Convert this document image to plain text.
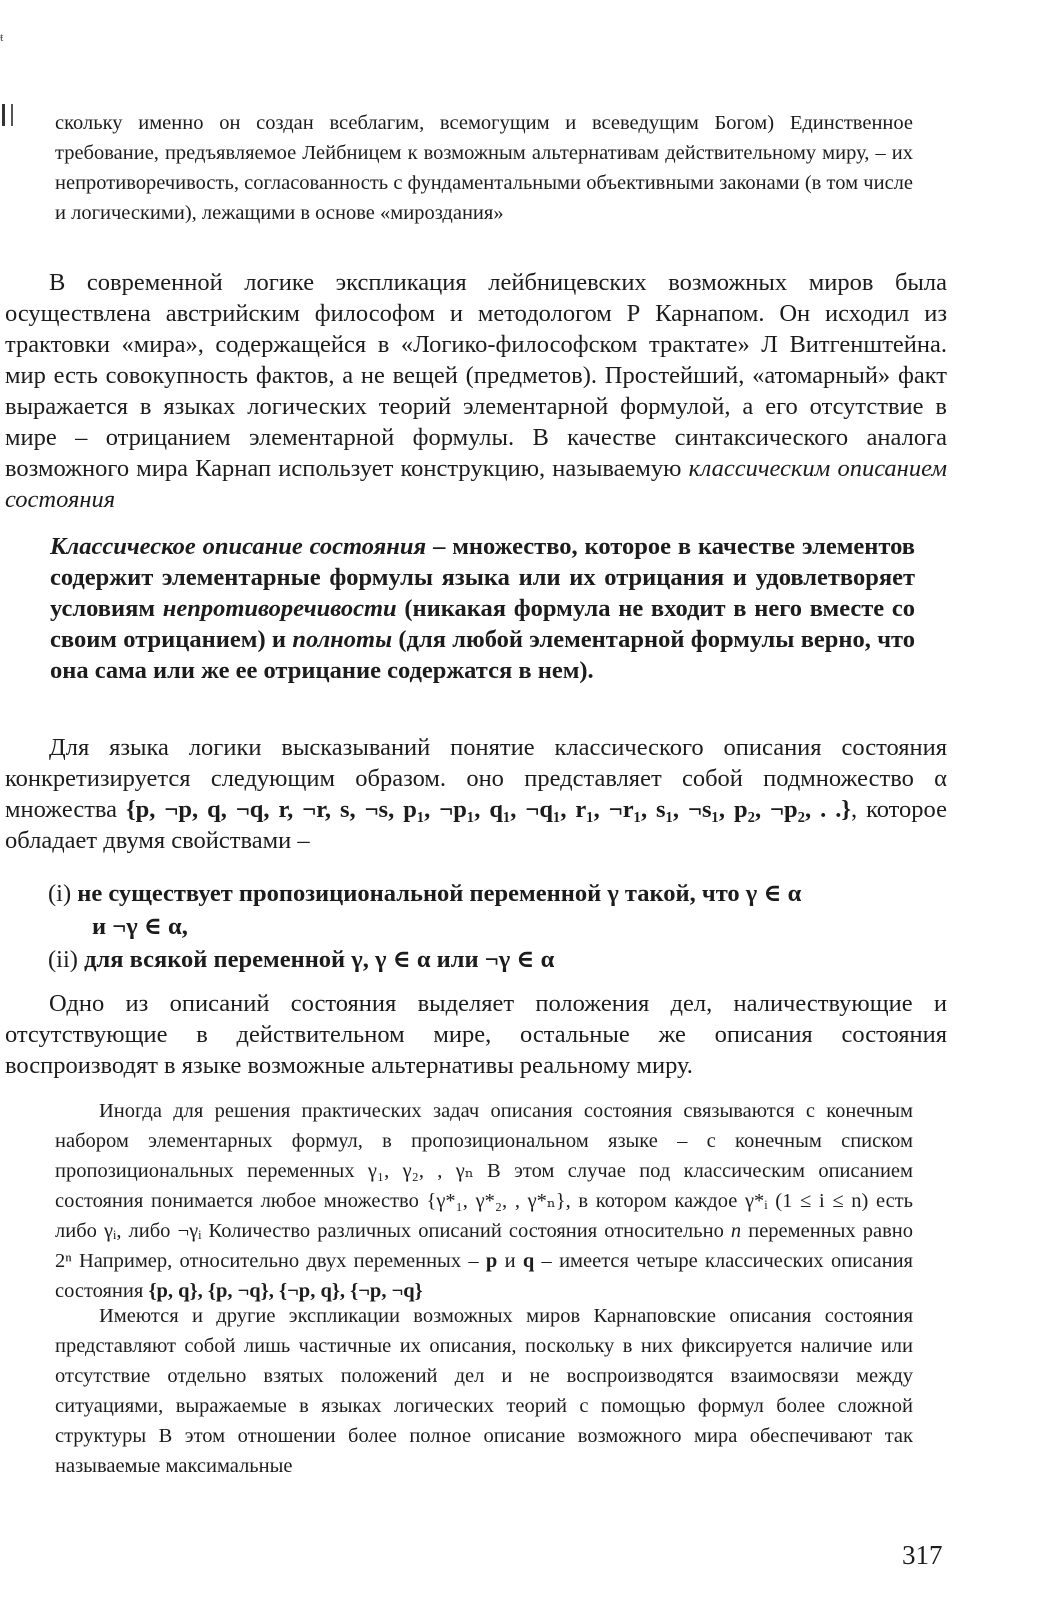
ŧ

скольку именно он создан всеблагим, всемогущим и всеведущим Богом) Единственное требование, предъявляемое Лейбницем к возможным альтернативам действительному миру, – их непротиворечивость, согласованность с фундаментальными объективными законами (в том числе и логическими), лежащими в основе «мироздания»

В современной логике экспликация лейбницевских возможных миров была осуществлена австрийским философом и методологом Р Карнапом. Он исходил из трактовки «мира», содержащейся в «Логико-философском трактате» Л Витгенштейна. мир есть совокупность фактов, а не вещей (предметов). Простейший, «атомарный» факт выражается в языках логических теорий элементарной формулой, а его отсутствие в мире – отрицанием элементарной формулы. В качестве синтаксического аналога возможного мира Карнап использует конструкцию, называемую классическим описанием состояния

Классическое описание состояния – множество, которое в качестве элементов содержит элементарные формулы языка или их отрицания и удовлетворяет условиям непротиворечивости (никакая формула не входит в него вместе со своим отрицанием) и полноты (для любой элементарной формулы верно, что она сама или же ее отрицание содержатся в нем).

Для языка логики высказываний понятие классического описания состояния конкретизируется следующим образом. оно представляет собой подмножество α множества {p, ¬p, q, ¬q, r, ¬r, s, ¬s, p₁, ¬p₁, q₁, ¬q₁, r₁, ¬r₁, s₁, ¬s₁, p₂, ¬p₂, . .}, которое обладает двумя свойствами –

(i) не существует пропозициональной переменной γ такой, что γ ∈ α
и ¬γ ∈ α,
(ii) для всякой переменной γ, γ ∈ α или ¬γ ∈ α

Одно из описаний состояния выделяет положения дел, наличествующие и отсутствующие в действительном мире, остальные же описания состояния воспроизводят в языке возможные альтернативы реальному миру.

Иногда для решения практических задач описания состояния связываются с конечным набором элементарных формул, в пропозициональном языке – с конечным списком пропозициональных переменных γ₁, γ₂, , γₙ В этом случае под классическим описанием состояния понимается любое множество {γ*₁, γ*₂, , γ*ₙ}, в котором каждое γ*ᵢ (1 ≤ i ≤ n) есть либо γᵢ, либо ¬γᵢ Количество различных описаний состояния относительно n переменных равно 2ⁿ Например, относительно двух переменных – p и q – имеется четыре классических описания состояния {p, q}, {p, ¬q}, {¬p, q}, {¬p, ¬q}

Имеются и другие экспликации возможных миров Карнаповские описания состояния представляют собой лишь частичные их описания, поскольку в них фиксируется наличие или отсутствие отдельно взятых положений дел и не воспроизводятся взаимосвязи между ситуациями, выражаемые в языках логических теорий с помощью формул более сложной структуры В этом отношении более полное описание возможного мира обеспечивают так называемые максимальные

317
